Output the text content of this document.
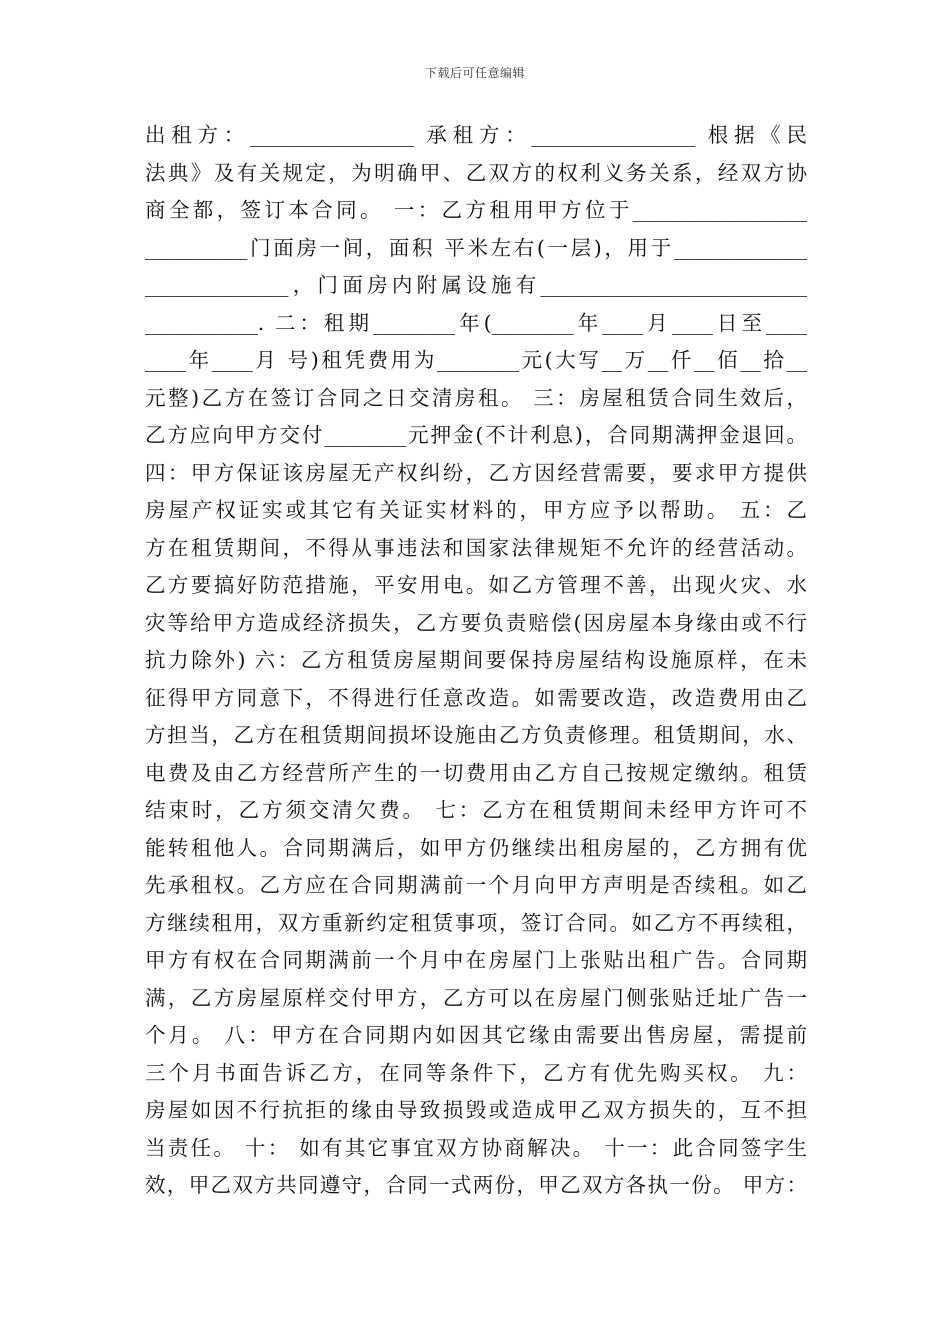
下载后可任意编辑
出租方：________________ 承租方：________________ 根据《民
法典》及有关规定，为明确甲、乙双方的权利义务关系，经双方协
商全都，签订本合同。 一：乙方租用甲方位于_________________
__________门面房一间，面积 平米左右(一层)，用于_____________
______________，门面房内附属设施有__________________________
___________. 二：租期________年(________年____月____日至____
____年____月 号)租凭费用为________元(大写__万__仟__佰__拾__
元整)乙方在签订合同之日交清房租。 三：房屋租赁合同生效后，
乙方应向甲方交付________元押金(不计利息)，合同期满押金退回。
四：甲方保证该房屋无产权纠纷，乙方因经营需要，要求甲方提供
房屋产权证实或其它有关证实材料的，甲方应予以帮助。 五：乙
方在租赁期间，不得从事违法和国家法律规矩不允许的经营活动。
乙方要搞好防范措施，平安用电。如乙方管理不善，出现火灾、水
灾等给甲方造成经济损失，乙方要负责赔偿(因房屋本身缘由或不行
抗力除外) 六：乙方租赁房屋期间要保持房屋结构设施原样，在未
征得甲方同意下，不得进行任意改造。如需要改造，改造费用由乙
方担当，乙方在租赁期间损坏设施由乙方负责修理。租赁期间，水、
电费及由乙方经营所产生的一切费用由乙方自己按规定缴纳。租赁
结束时，乙方须交清欠费。 七：乙方在租赁期间未经甲方许可不
能转租他人。合同期满后，如甲方仍继续出租房屋的，乙方拥有优
先承租权。乙方应在合同期满前一个月向甲方声明是否续租。如乙
方继续租用，双方重新约定租赁事项，签订合同。如乙方不再续租，
甲方有权在合同期满前一个月中在房屋门上张贴出租广告。合同期
满，乙方房屋原样交付甲方，乙方可以在房屋门侧张贴迁址广告一
个月。 八：甲方在合同期内如因其它缘由需要出售房屋，需提前
三个月书面告诉乙方，在同等条件下，乙方有优先购买权。 九：
房屋如因不行抗拒的缘由导致损毁或造成甲乙双方损失的，互不担
当责任。 十： 如有其它事宜双方协商解决。 十一：此合同签字生
效，甲乙双方共同遵守，合同一式两份，甲乙双方各执一份。 甲方：
